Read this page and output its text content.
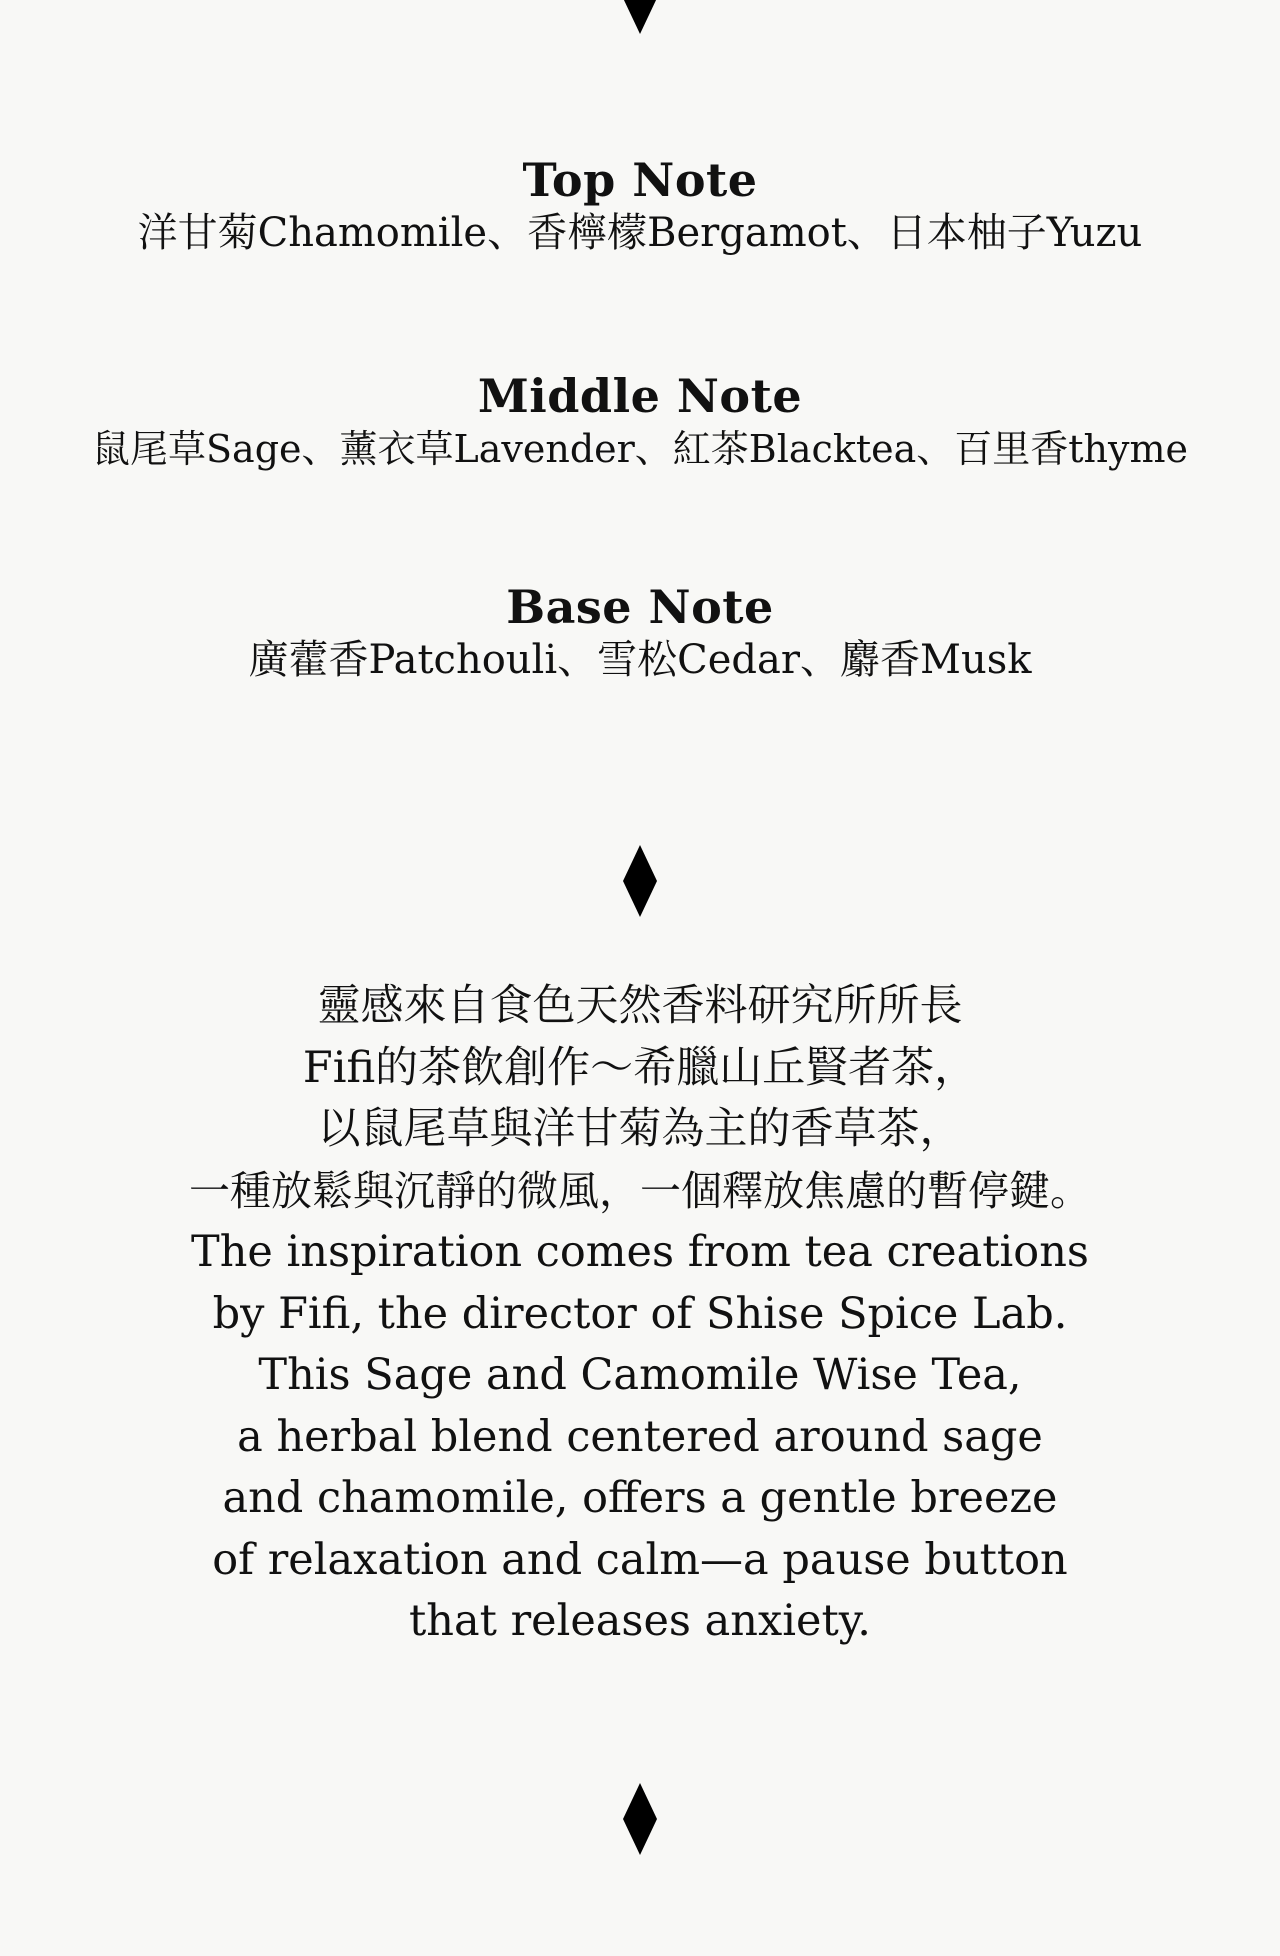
Top Note
洋甘菊Chamomile、香檸檬Bergamot、日本柚子Yuzu
Middle Note
鼠尾草Sage、薰衣草Lavender、紅茶Blacktea、百里香thyme
Base Note
廣藿香Patchouli、雪松Cedar、麝香Musk
靈感來自食色天然香料研究所所長
Fifi的茶飲創作～希臘山丘賢者茶，
以鼠尾草與洋甘菊為主的香草茶，
一種放鬆與沉靜的微風，一個釋放焦慮的暫停鍵。
The inspiration comes from tea creations
by Fifi, the director of Shise Spice Lab.
This Sage and Camomile Wise Tea,
a herbal blend centered around sage
and chamomile, offers a gentle breeze
of relaxation and calm—a pause button
that releases anxiety.
